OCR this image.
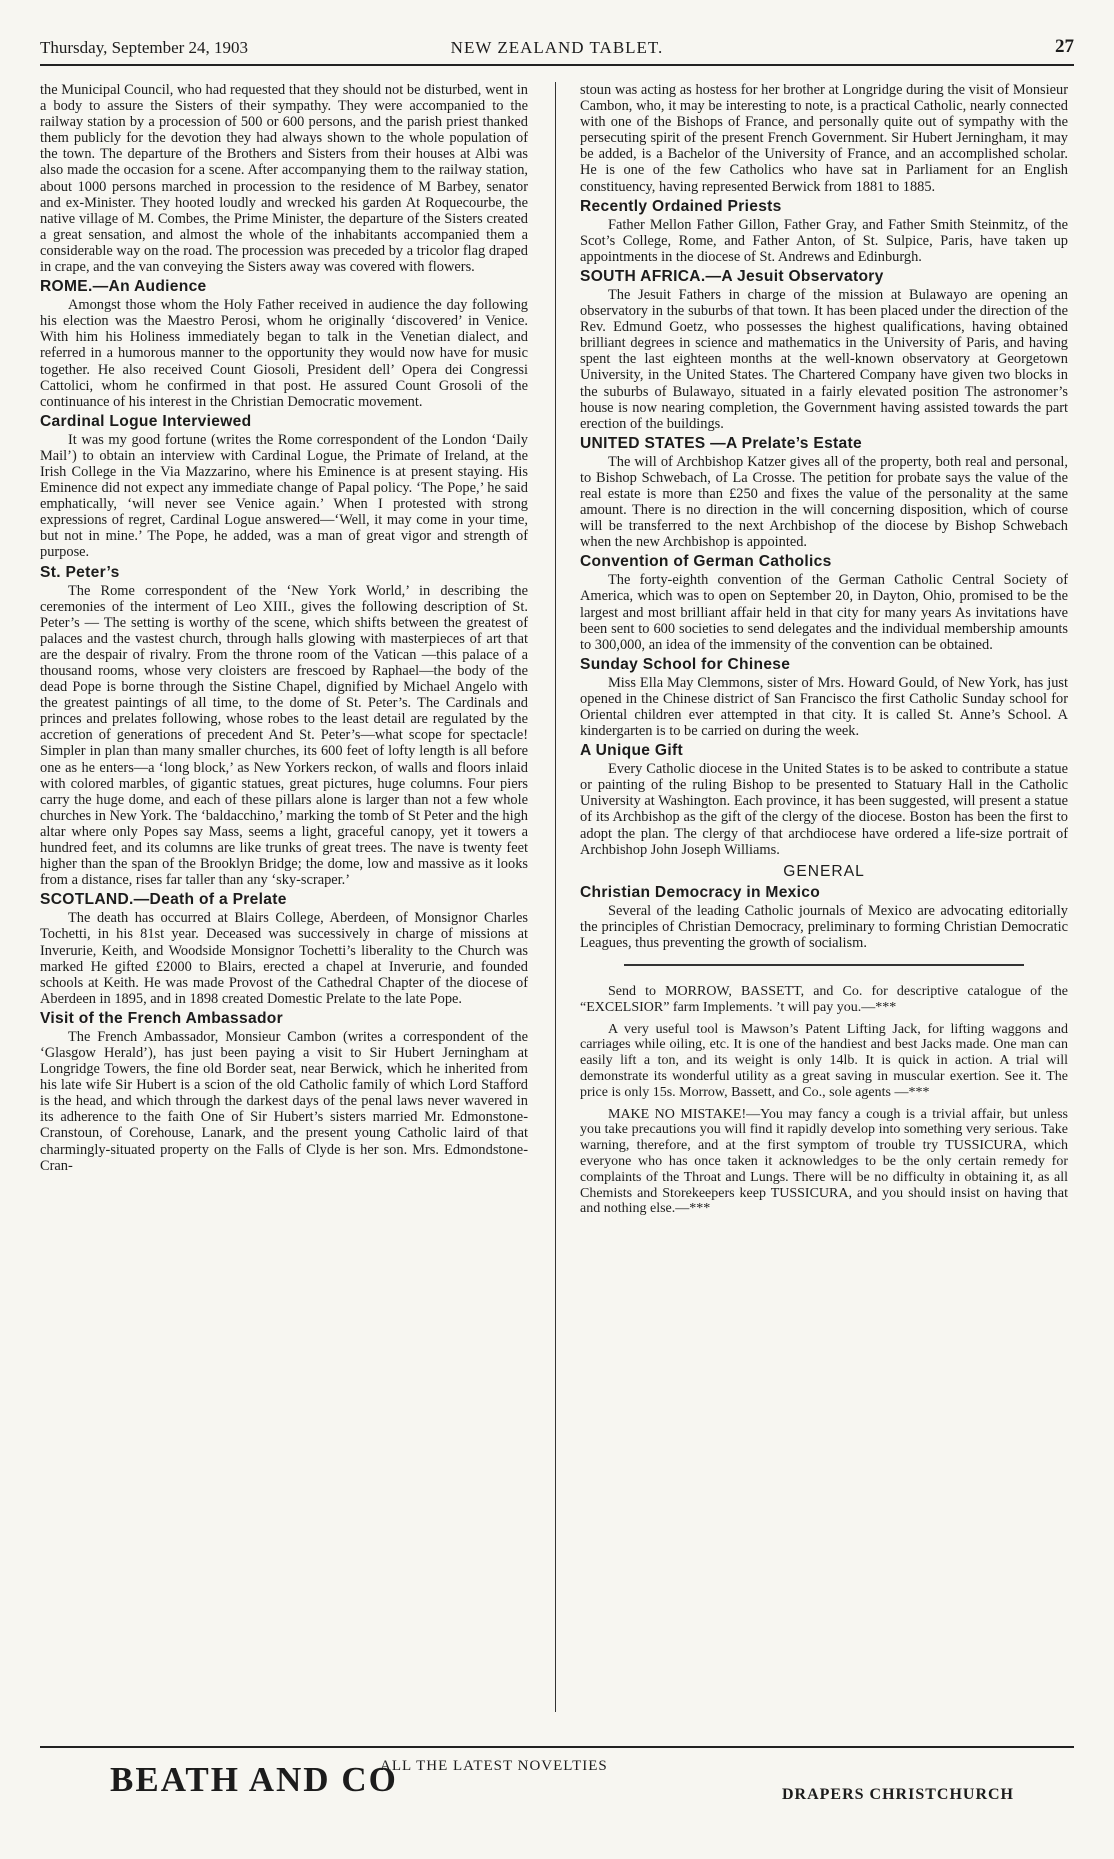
Thursday, September 24, 1903	NEW ZEALAND TABLET.	27

the Municipal Council, who had requested that they should not be disturbed, went in a body to assure the Sisters of their sympathy. They were accompanied to the railway station by a procession of 500 or 600 persons, and the parish priest thanked them publicly for the devotion they had always shown to the whole population of the town. The departure of the Brothers and Sisters from their houses at Albi was also made the occasion for a scene. After accompanying them to the railway station, about 1000 persons marched in procession to the residence of M Barbey, senator and ex-Minister. They hooted loudly and wrecked his garden At Roquecourbe, the native village of M. Combes, the Prime Minister, the departure of the Sisters created a great sensation, and almost the whole of the inhabitants accompanied them a considerable way on the road. The procession was preceded by a tricolor flag draped in crape, and the van conveying the Sisters away was covered with flowers.

ROME.—An Audience

Amongst those whom the Holy Father received in audience the day following his election was the Maestro Perosi, whom he originally ‘discovered’ in Venice. With him his Holiness immediately began to talk in the Venetian dialect, and referred in a humorous manner to the opportunity they would now have for music together. He also received Count Giosoli, President dell’ Opera dei Congressi Cattolici, whom he confirmed in that post. He assured Count Grosoli of the continuance of his interest in the Christian Democratic movement.

Cardinal Logue Interviewed

It was my good fortune (writes the Rome correspondent of the London ‘Daily Mail’) to obtain an interview with Cardinal Logue, the Primate of Ireland, at the Irish College in the Via Mazzarino, where his Eminence is at present staying. His Eminence did not expect any immediate change of Papal policy. ‘The Pope,’ he said emphatically, ‘will never see Venice again.’ When I protested with strong expressions of regret, Cardinal Logue answered—‘Well, it may come in your time, but not in mine.’ The Pope, he added, was a man of great vigor and strength of purpose.

St. Peter’s

The Rome correspondent of the ‘New York World,’ in describing the ceremonies of the interment of Leo XIII., gives the following description of St. Peter’s — The setting is worthy of the scene, which shifts between the greatest of palaces and the vastest church, through halls glowing with masterpieces of art that are the despair of rivalry. From the throne room of the Vatican —this palace of a thousand rooms, whose very cloisters are frescoed by Raphael—the body of the dead Pope is borne through the Sistine Chapel, dignified by Michael Angelo with the greatest paintings of all time, to the dome of St. Peter’s. The Cardinals and princes and prelates following, whose robes to the least detail are regulated by the accretion of generations of precedent And St. Peter’s—what scope for spectacle! Simpler in plan than many smaller churches, its 600 feet of lofty length is all before one as he enters—a ‘long block,’ as New Yorkers reckon, of walls and floors inlaid with colored marbles, of gigantic statues, great pictures, huge columns. Four piers carry the huge dome, and each of these pillars alone is larger than not a few whole churches in New York. The ‘baldacchino,’ marking the tomb of St Peter and the high altar where only Popes say Mass, seems a light, graceful canopy, yet it towers a hundred feet, and its columns are like trunks of great trees. The nave is twenty feet higher than the span of the Brooklyn Bridge; the dome, low and massive as it looks from a distance, rises far taller than any ‘sky-scraper.’

SCOTLAND.—Death of a Prelate

The death has occurred at Blairs College, Aberdeen, of Monsignor Charles Tochetti, in his 81st year. Deceased was successively in charge of missions at Inverurie, Keith, and Woodside Monsignor Tochetti’s liberality to the Church was marked He gifted £2000 to Blairs, erected a chapel at Inverurie, and founded schools at Keith. He was made Provost of the Cathedral Chapter of the diocese of Aberdeen in 1895, and in 1898 created Domestic Prelate to the late Pope.

Visit of the French Ambassador

The French Ambassador, Monsieur Cambon (writes a correspondent of the ‘Glasgow Herald’), has just been paying a visit to Sir Hubert Jerningham at Longridge Towers, the fine old Border seat, near Berwick, which he inherited from his late wife Sir Hubert is a scion of the old Catholic family of which Lord Stafford is the head, and which through the darkest days of the penal laws never wavered in its adherence to the faith One of Sir Hubert’s sisters married Mr. Edmonstone-Cranstoun, of Corehouse, Lanark, and the present young Catholic laird of that charmingly-situated property on the Falls of Clyde is her son. Mrs. Edmondstone-Cran-

stoun was acting as hostess for her brother at Longridge during the visit of Monsieur Cambon, who, it may be interesting to note, is a practical Catholic, nearly connected with one of the Bishops of France, and personally quite out of sympathy with the persecuting spirit of the present French Government. Sir Hubert Jerningham, it may be added, is a Bachelor of the University of France, and an accomplished scholar. He is one of the few Catholics who have sat in Parliament for an English constituency, having represented Berwick from 1881 to 1885.

Recently Ordained Priests

Father Mellon Father Gillon, Father Gray, and Father Smith Steinmitz, of the Scot’s College, Rome, and Father Anton, of St. Sulpice, Paris, have taken up appointments in the diocese of St. Andrews and Edinburgh.

SOUTH AFRICA.—A Jesuit Observatory

The Jesuit Fathers in charge of the mission at Bulawayo are opening an observatory in the suburbs of that town. It has been placed under the direction of the Rev. Edmund Goetz, who possesses the highest qualifications, having obtained brilliant degrees in science and mathematics in the University of Paris, and having spent the last eighteen months at the well-known observatory at Georgetown University, in the United States. The Chartered Company have given two blocks in the suburbs of Bulawayo, situated in a fairly elevated position The astronomer’s house is now nearing completion, the Government having assisted towards the part erection of the buildings.

UNITED STATES —A Prelate’s Estate

The will of Archbishop Katzer gives all of the property, both real and personal, to Bishop Schwebach, of La Crosse. The petition for probate says the value of the real estate is more than £250 and fixes the value of the personality at the same amount. There is no direction in the will concerning disposition, which of course will be transferred to the next Archbishop of the diocese by Bishop Schwebach when the new Archbishop is appointed.

Convention of German Catholics

The forty-eighth convention of the German Catholic Central Society of America, which was to open on September 20, in Dayton, Ohio, promised to be the largest and most brilliant affair held in that city for many years As invitations have been sent to 600 societies to send delegates and the individual membership amounts to 300,000, an idea of the immensity of the convention can be obtained.

Sunday School for Chinese

Miss Ella May Clemmons, sister of Mrs. Howard Gould, of New York, has just opened in the Chinese district of San Francisco the first Catholic Sunday school for Oriental children ever attempted in that city. It is called St. Anne’s School. A kindergarten is to be carried on during the week.

A Unique Gift

Every Catholic diocese in the United States is to be asked to contribute a statue or painting of the ruling Bishop to be presented to Statuary Hall in the Catholic University at Washington. Each province, it has been suggested, will present a statue of its Archbishop as the gift of the clergy of the diocese. Boston has been the first to adopt the plan. The clergy of that archdiocese have ordered a life-size portrait of Archbishop John Joseph Williams.

GENERAL
Christian Democracy in Mexico

Several of the leading Catholic journals of Mexico are advocating editorially the principles of Christian Democracy, preliminary to forming Christian Democratic Leagues, thus preventing the growth of socialism.

Send to MORROW, BASSETT, and Co. for descriptive catalogue of the “EXCELSIOR” farm Implements. ’t will pay you.—***

A very useful tool is Mawson’s Patent Lifting Jack, for lifting waggons and carriages while oiling, etc. It is one of the handiest and best Jacks made. One man can easily lift a ton, and its weight is only 14lb. It is quick in action. A trial will demonstrate its wonderful utility as a great saving in muscular exertion. See it. The price is only 15s. Morrow, Bassett, and Co., sole agents —***

MAKE NO MISTAKE!—You may fancy a cough is a trivial affair, but unless you take precautions you will find it rapidly develop into something very serious. Take warning, therefore, and at the first symptom of trouble try TUSSICURA, which everyone who has once taken it acknowledges to be the only certain remedy for complaints of the Throat and Lungs. There will be no difficulty in obtaining it, as all Chemists and Storekeepers keep TUSSICURA, and you should insist on having that and nothing else.—***

BEATH AND CO
ALL THE LATEST NOVELTIES
DRAPERS CHRISTCHURCH
